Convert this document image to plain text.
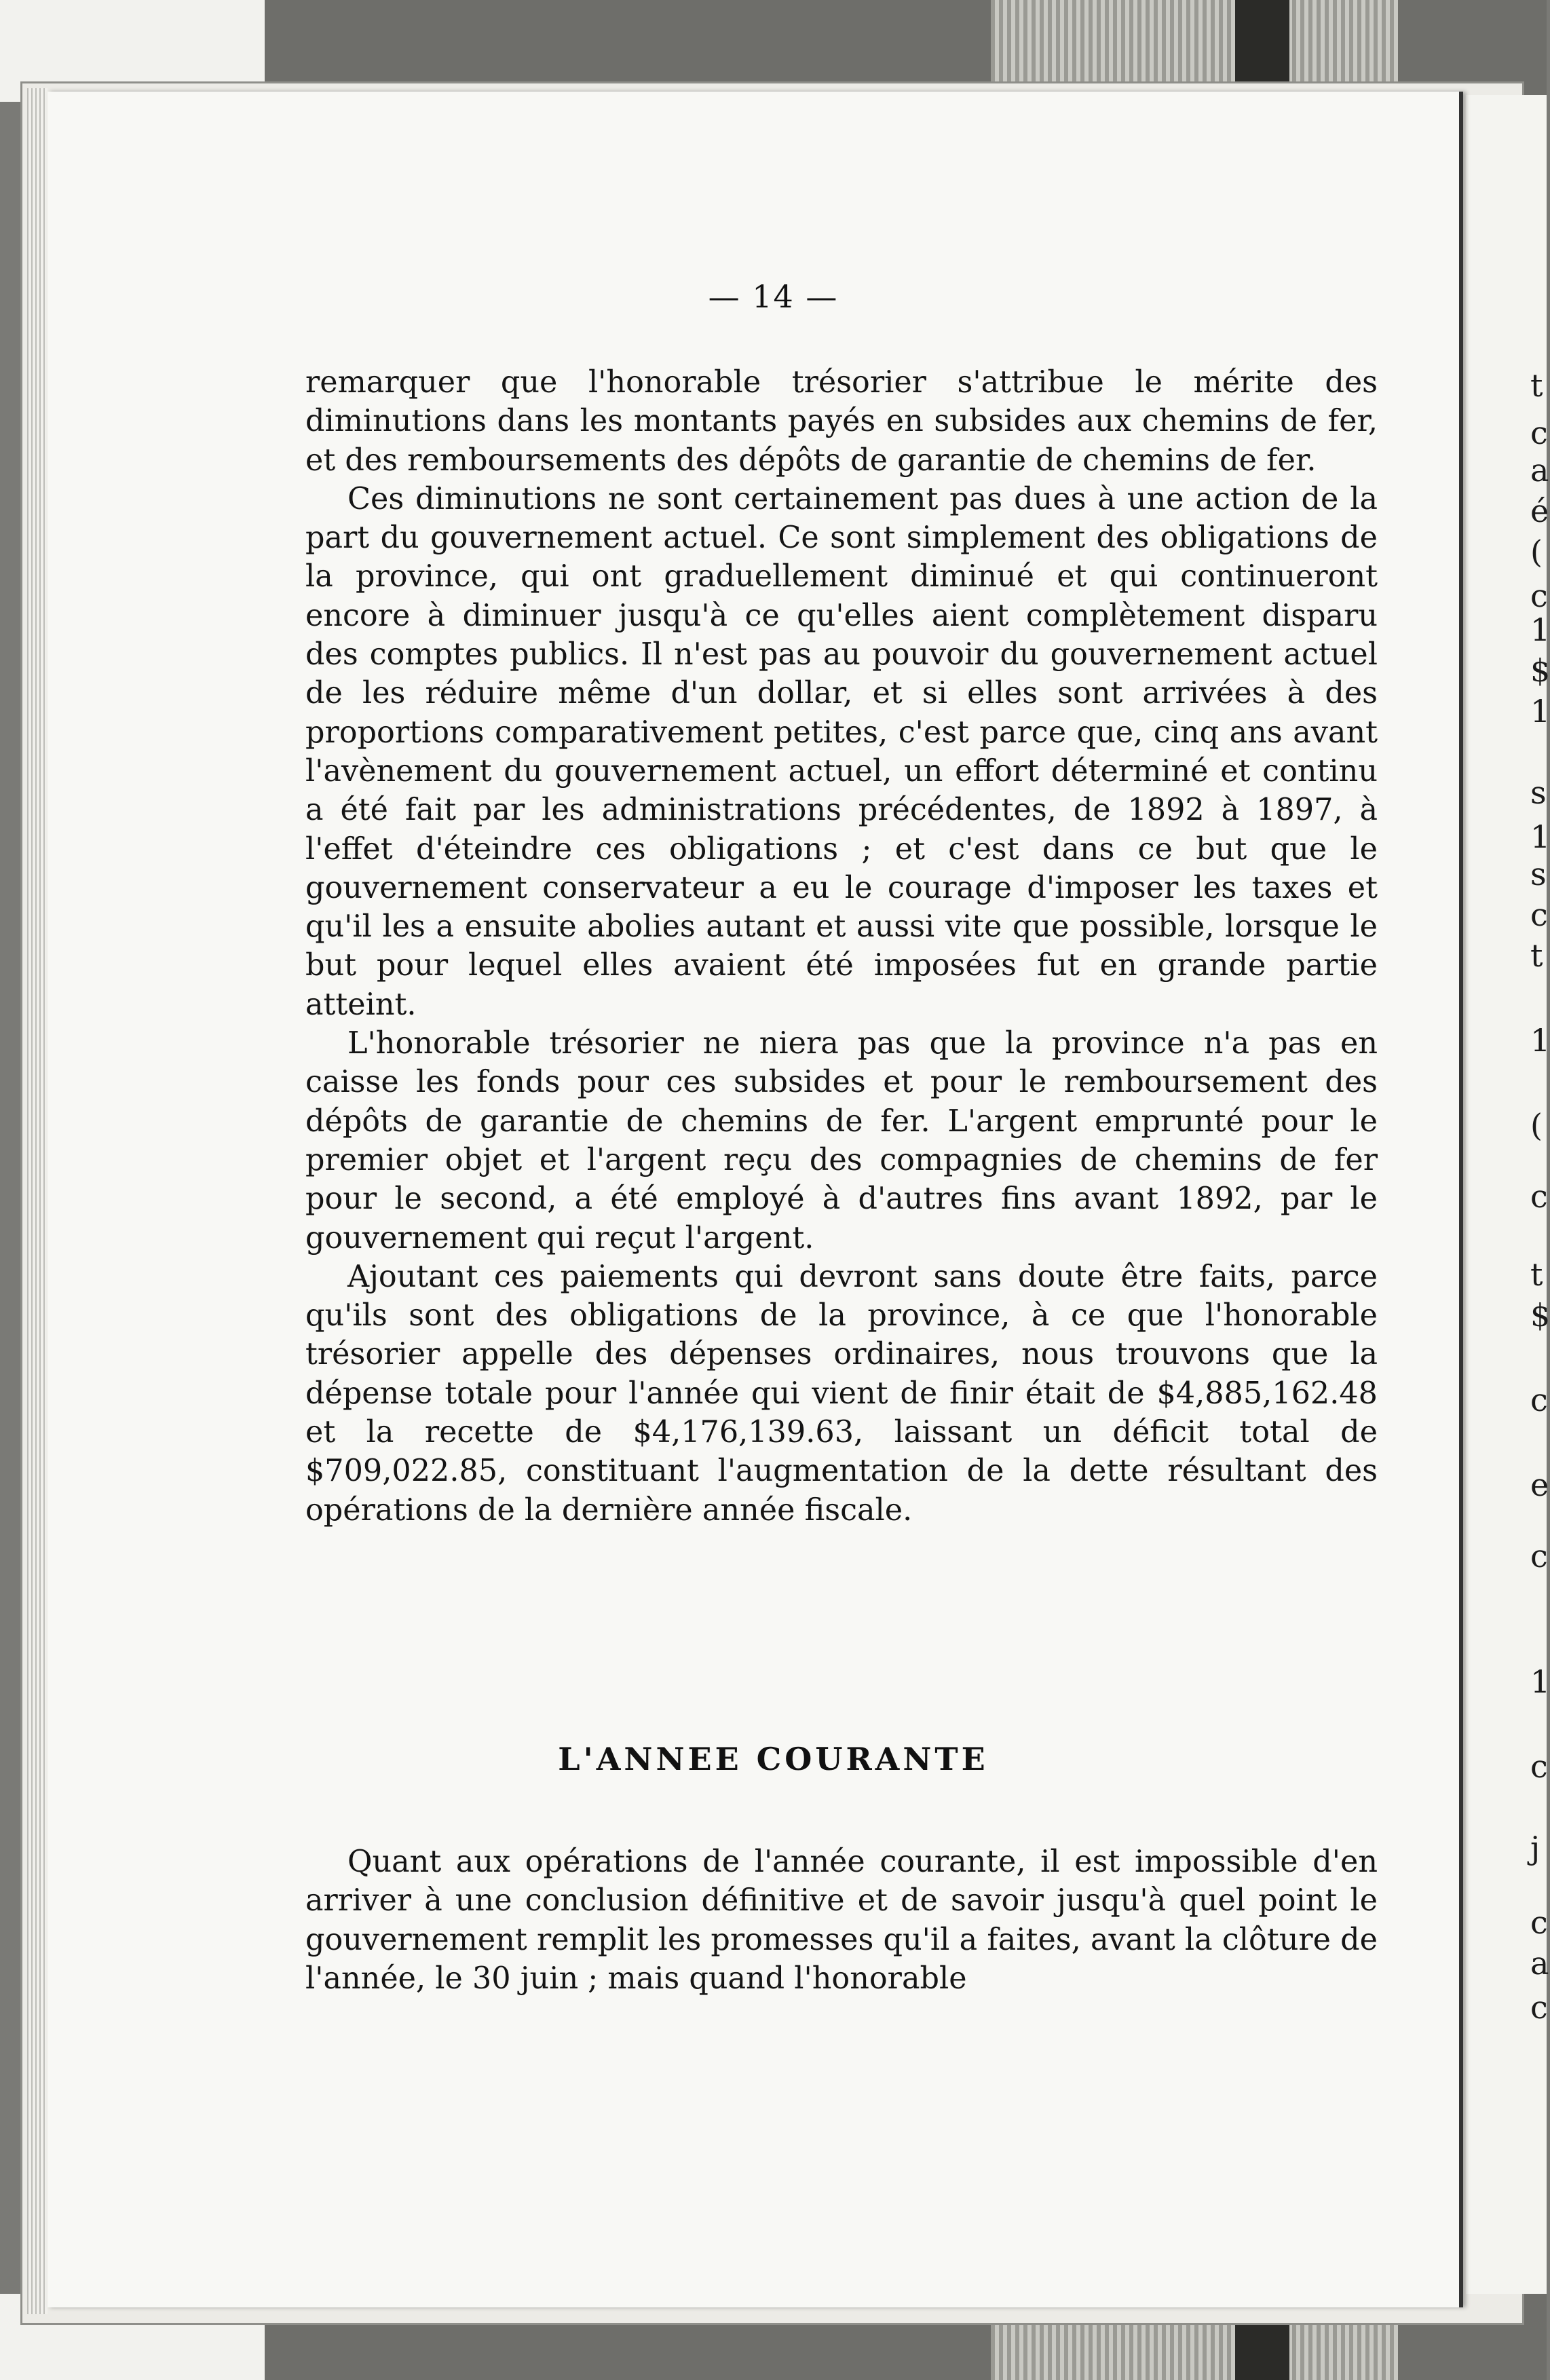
t
c
a
é
(
c
1
$
1
s
1
s
c
t
1
(
c
t
$
c
e
c
1
c
j
c
a
c
— 14 —

remarquer que l'honorable trésorier s'attribue le mérite des diminutions dans les montants payés en subsides aux chemins de fer, et des remboursements des dépôts de garantie de chemins de fer.

Ces diminutions ne sont certainement pas dues à une action de la part du gouvernement actuel. Ce sont simplement des obligations de la province, qui ont graduellement diminué et qui continueront encore à diminuer jusqu'à ce qu'elles aient complètement disparu des comptes publics. Il n'est pas au pouvoir du gouvernement actuel de les réduire même d'un dollar, et si elles sont arrivées à des proportions comparativement petites, c'est parce que, cinq ans avant l'avènement du gouvernement actuel, un effort déterminé et continu a été fait par les administrations précédentes, de 1892 à 1897, à l'effet d'éteindre ces obligations ; et c'est dans ce but que le gouvernement conservateur a eu le courage d'imposer les taxes et qu'il les a ensuite abolies autant et aussi vite que possible, lorsque le but pour lequel elles avaient été imposées fut en grande partie atteint.

L'honorable trésorier ne niera pas que la province n'a pas en caisse les fonds pour ces subsides et pour le remboursement des dépôts de garantie de chemins de fer. L'argent emprunté pour le premier objet et l'argent reçu des compagnies de chemins de fer pour le second, a été employé à d'autres fins avant 1892, par le gouvernement qui reçut l'argent.

Ajoutant ces paiements qui devront sans doute être faits, parce qu'ils sont des obligations de la province, à ce que l'honorable trésorier appelle des dépenses ordinaires, nous trouvons que la dépense totale pour l'année qui vient de finir était de $4,885,162.48 et la recette de $4,176,139.63, laissant un déficit total de $709,022.85, constituant l'augmentation de la dette résultant des opérations de la dernière année fiscale.

L'ANNEE COURANTE

Quant aux opérations de l'année courante, il est impossible d'en arriver à une conclusion définitive et de savoir jusqu'à quel point le gouvernement remplit les promesses qu'il a faites, avant la clôture de l'année, le 30 juin ; mais quand l'honorable
